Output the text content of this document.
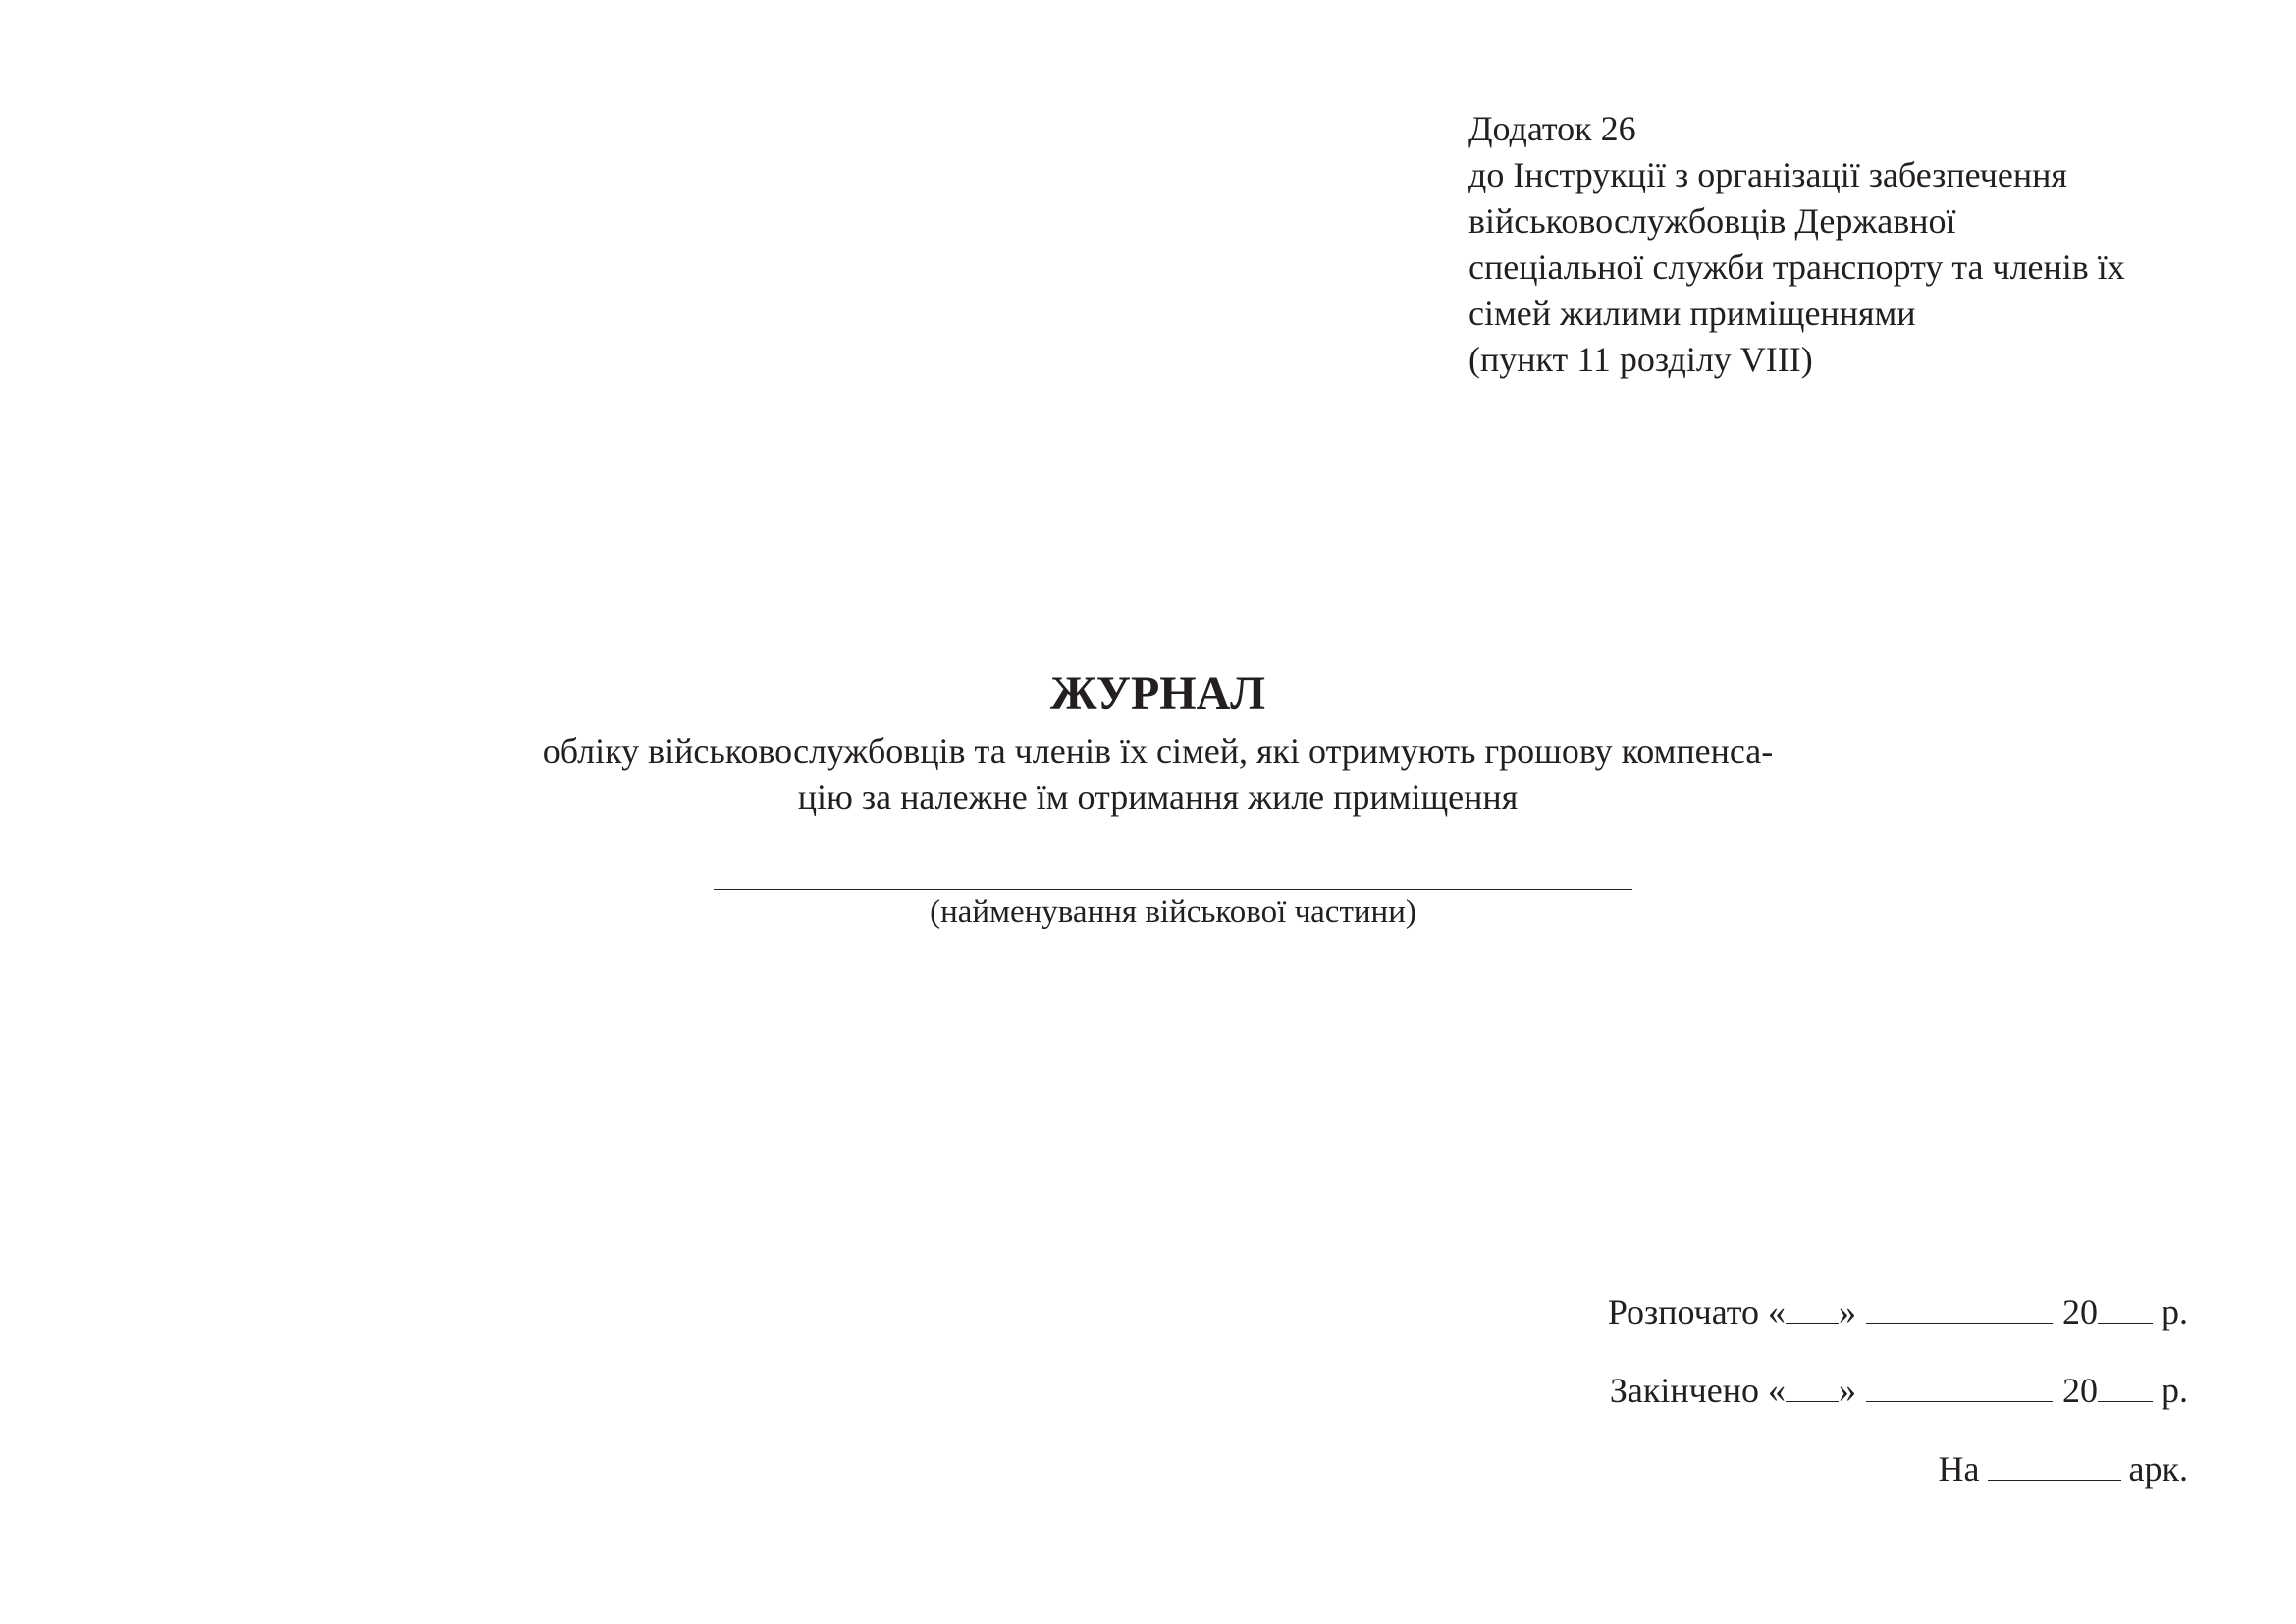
Додаток 26
до Інструкції з організації забезпечення
військовослужбовців Державної
спеціальної служби транспорту та членів їх
сімей жилими приміщеннями
(пункт 11 розділу VIII)
ЖУРНАЛ
обліку військовослужбовців та членів їх сімей, які отримують грошову компенса-
цію за належне їм отримання жиле приміщення
(найменування військової частини)
Розпочато « »	20 р.
Закінчено « »	20 р.
На	арк.
